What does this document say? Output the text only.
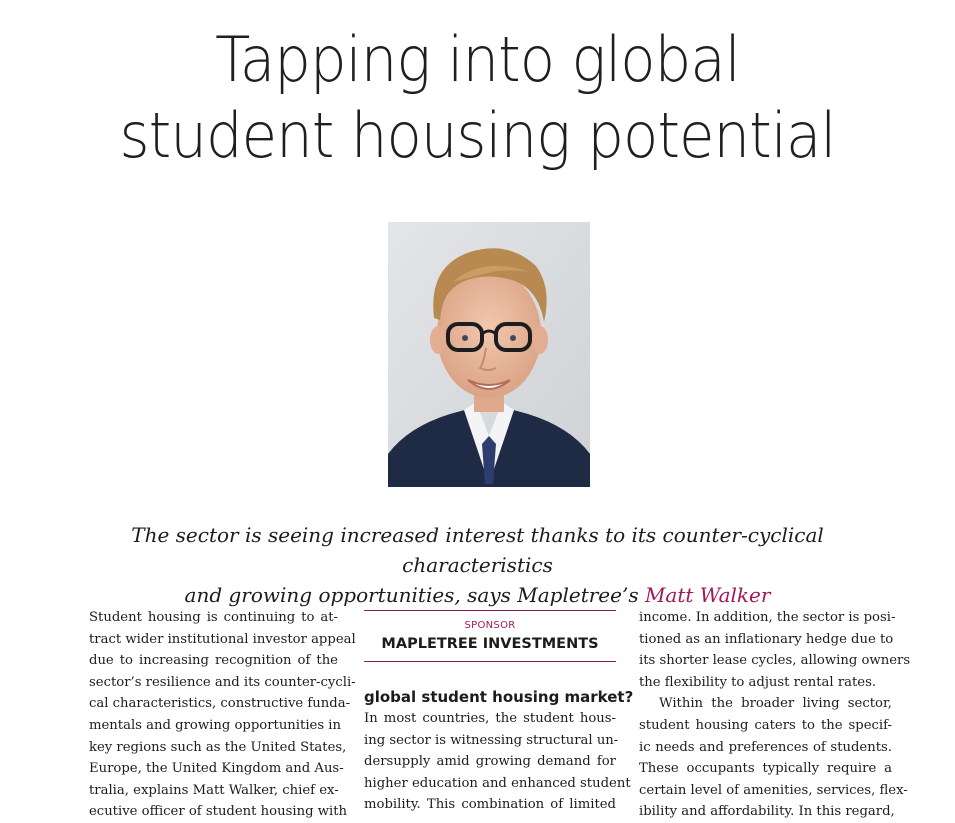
Tapping into global
student housing potential

The sector is seeing increased interest thanks to its counter-cyclical characteristics
and growing opportunities, says Mapletree’s Matt Walker

Student housing is continuing to at-
tract wider institutional investor appeal
due to increasing recognition of the
sector’s resilience and its counter-cycli-
cal characteristics, constructive funda-
mentals and growing opportunities in
key regions such as the United States,
Europe, the United Kingdom and Aus-
tralia, explains Matt Walker, chief ex-
ecutive officer of student housing with
SPONSOR
MAPLETREE INVESTMENTS
global student housing market?
In most countries, the student hous-
ing sector is witnessing structural un-
dersupply amid growing demand for
higher education and enhanced student
mobility. This combination of limited
income. In addition, the sector is posi-
tioned as an inflationary hedge due to
its shorter lease cycles, allowing owners
the flexibility to adjust rental rates.
Within the broader living sector,
student housing caters to the specif-
ic needs and preferences of students.
These occupants typically require a
certain level of amenities, services, flex-
ibility and affordability. In this regard,
